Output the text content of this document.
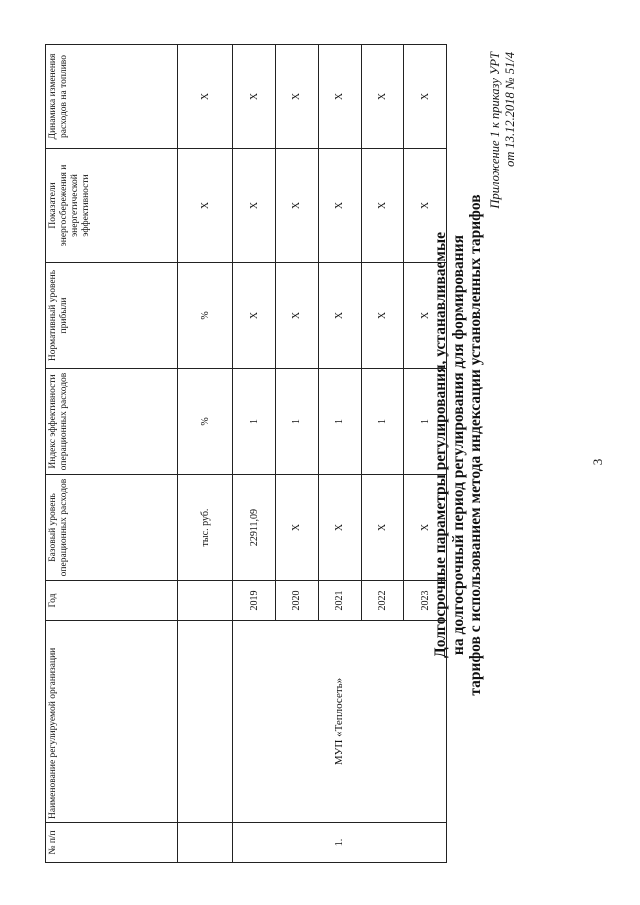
3
Приложение 1 к приказу УРТ от 13.12.2018 № 51/4
Долгосрочные параметры регулирования, устанавливаемые на долгосрочный период регулирования для формирования тарифов с использованием метода индексации установленных тарифов
№ п/п	Наименование регулируемой организации	Год	Базовый уровень операционных расходов	Индекс эффективности операционных расходов	Нормативный уровень прибыли	Показатели энергосбережения и энергетической эффективности	Динамика изменения расходов на топливо
			тыс. руб.	%	%	Х	Х
1.	МУП «Теплосеть»	2019	22911,09	1	Х	Х	Х
		2020	Х	1	Х	Х	Х
		2021	Х	1	Х	Х	Х
		2022	Х	1	Х	Х	Х
		2023	Х	1	Х	Х	Х
